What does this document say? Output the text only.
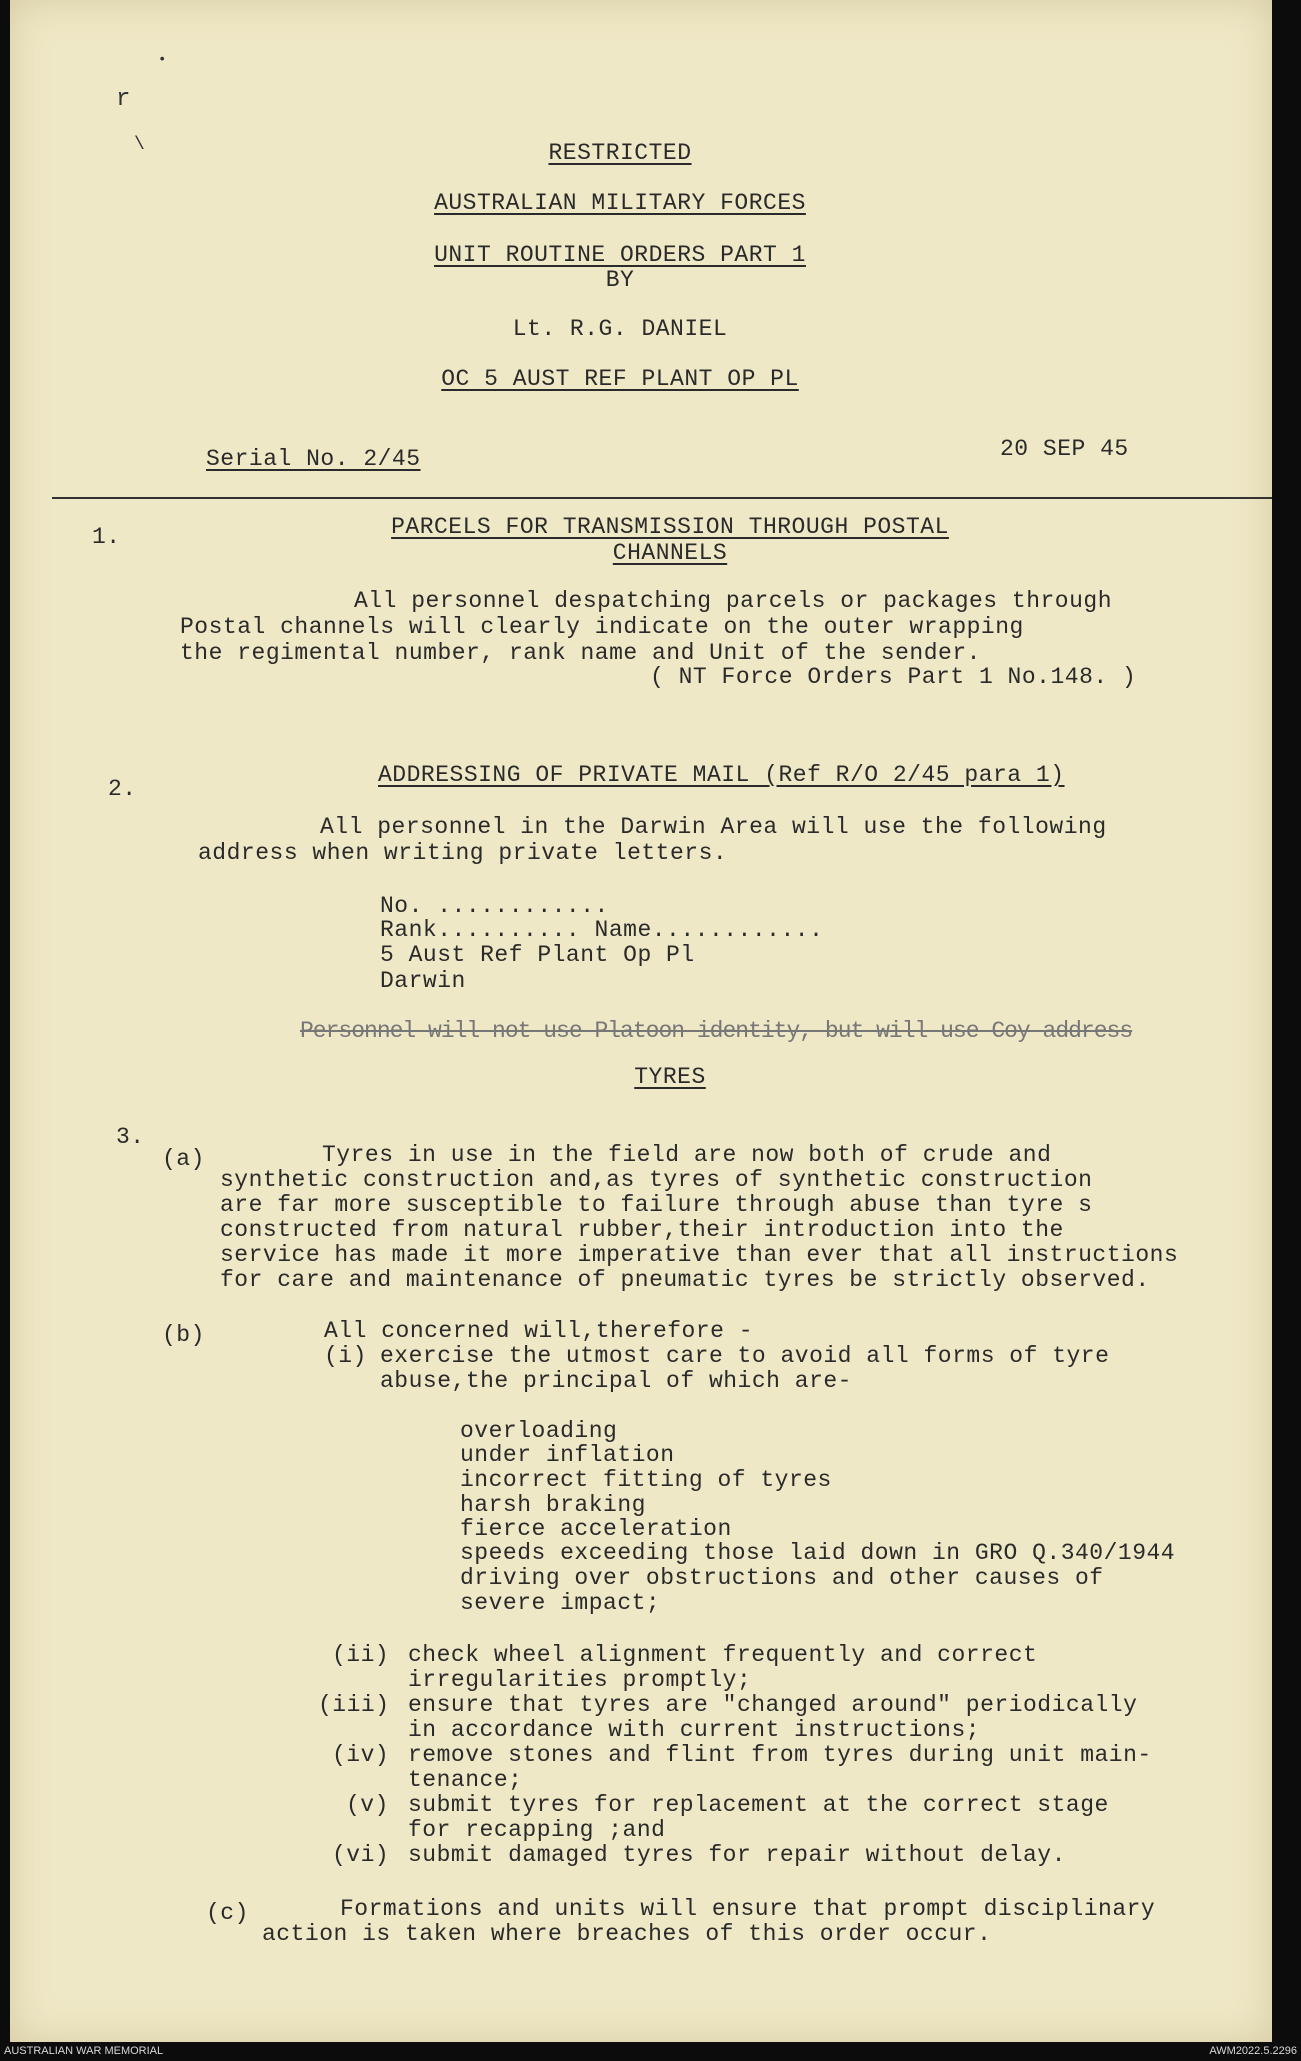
•
r
\	RESTRICTED
AUSTRALIAN MILITARY FORCES
UNIT ROUTINE ORDERS PART 1
BY
Lt. R.G. DANIEL
OC 5 AUST REF PLANT OP PL
Serial No. 2/45	20 SEP 45
1.	PARCELS FOR TRANSMISSION THROUGH POSTAL
CHANNELS
All personnel despatching parcels or packages through
Postal channels will clearly indicate on the outer wrapping
the regimental number, rank name and Unit of the sender.
( NT Force Orders Part 1 No.148. )
2.
ADDRESSING OF PRIVATE MAIL (Ref R/O 2/45 para 1)
All personnel in the Darwin Area will use the following
address when writing private letters.
No. ............
Rank.......... Name............
5 Aust Ref Plant Op Pl
Darwin
Personnel will not use Platoon identity, but will use Coy address
TYRES
3.
(a)	Tyres in use in the field are now both of crude and
synthetic construction and,as tyres of synthetic construction
are far more susceptible to failure through abuse than tyre s
constructed from natural rubber,their introduction into the
service has made it more imperative than ever that all instructions
for care and maintenance of pneumatic tyres be strictly observed.
(b)	All concerned will,therefore -
(i) exercise the utmost care to avoid all forms of tyre
abuse,the principal of which are-
overloading
under inflation
incorrect fitting of tyres
harsh braking
fierce acceleration
speeds exceeding those laid down in GRO Q.340/1944
driving over obstructions and other causes of
severe impact;
(ii) check wheel alignment frequently and correct
irregularities promptly;
(iii) ensure that tyres are "changed around" periodically
in accordance with current instructions;
(iv) remove stones and flint from tyres during unit main-
tenance;
(v) submit tyres for replacement at the correct stage
for recapping ;and
(vi) submit damaged tyres for repair without delay.
(c)	Formations and units will ensure that prompt disciplinary
action is taken where breaches of this order occur.
AUSTRALIAN WAR MEMORIAL	AWM2022.5.2296
